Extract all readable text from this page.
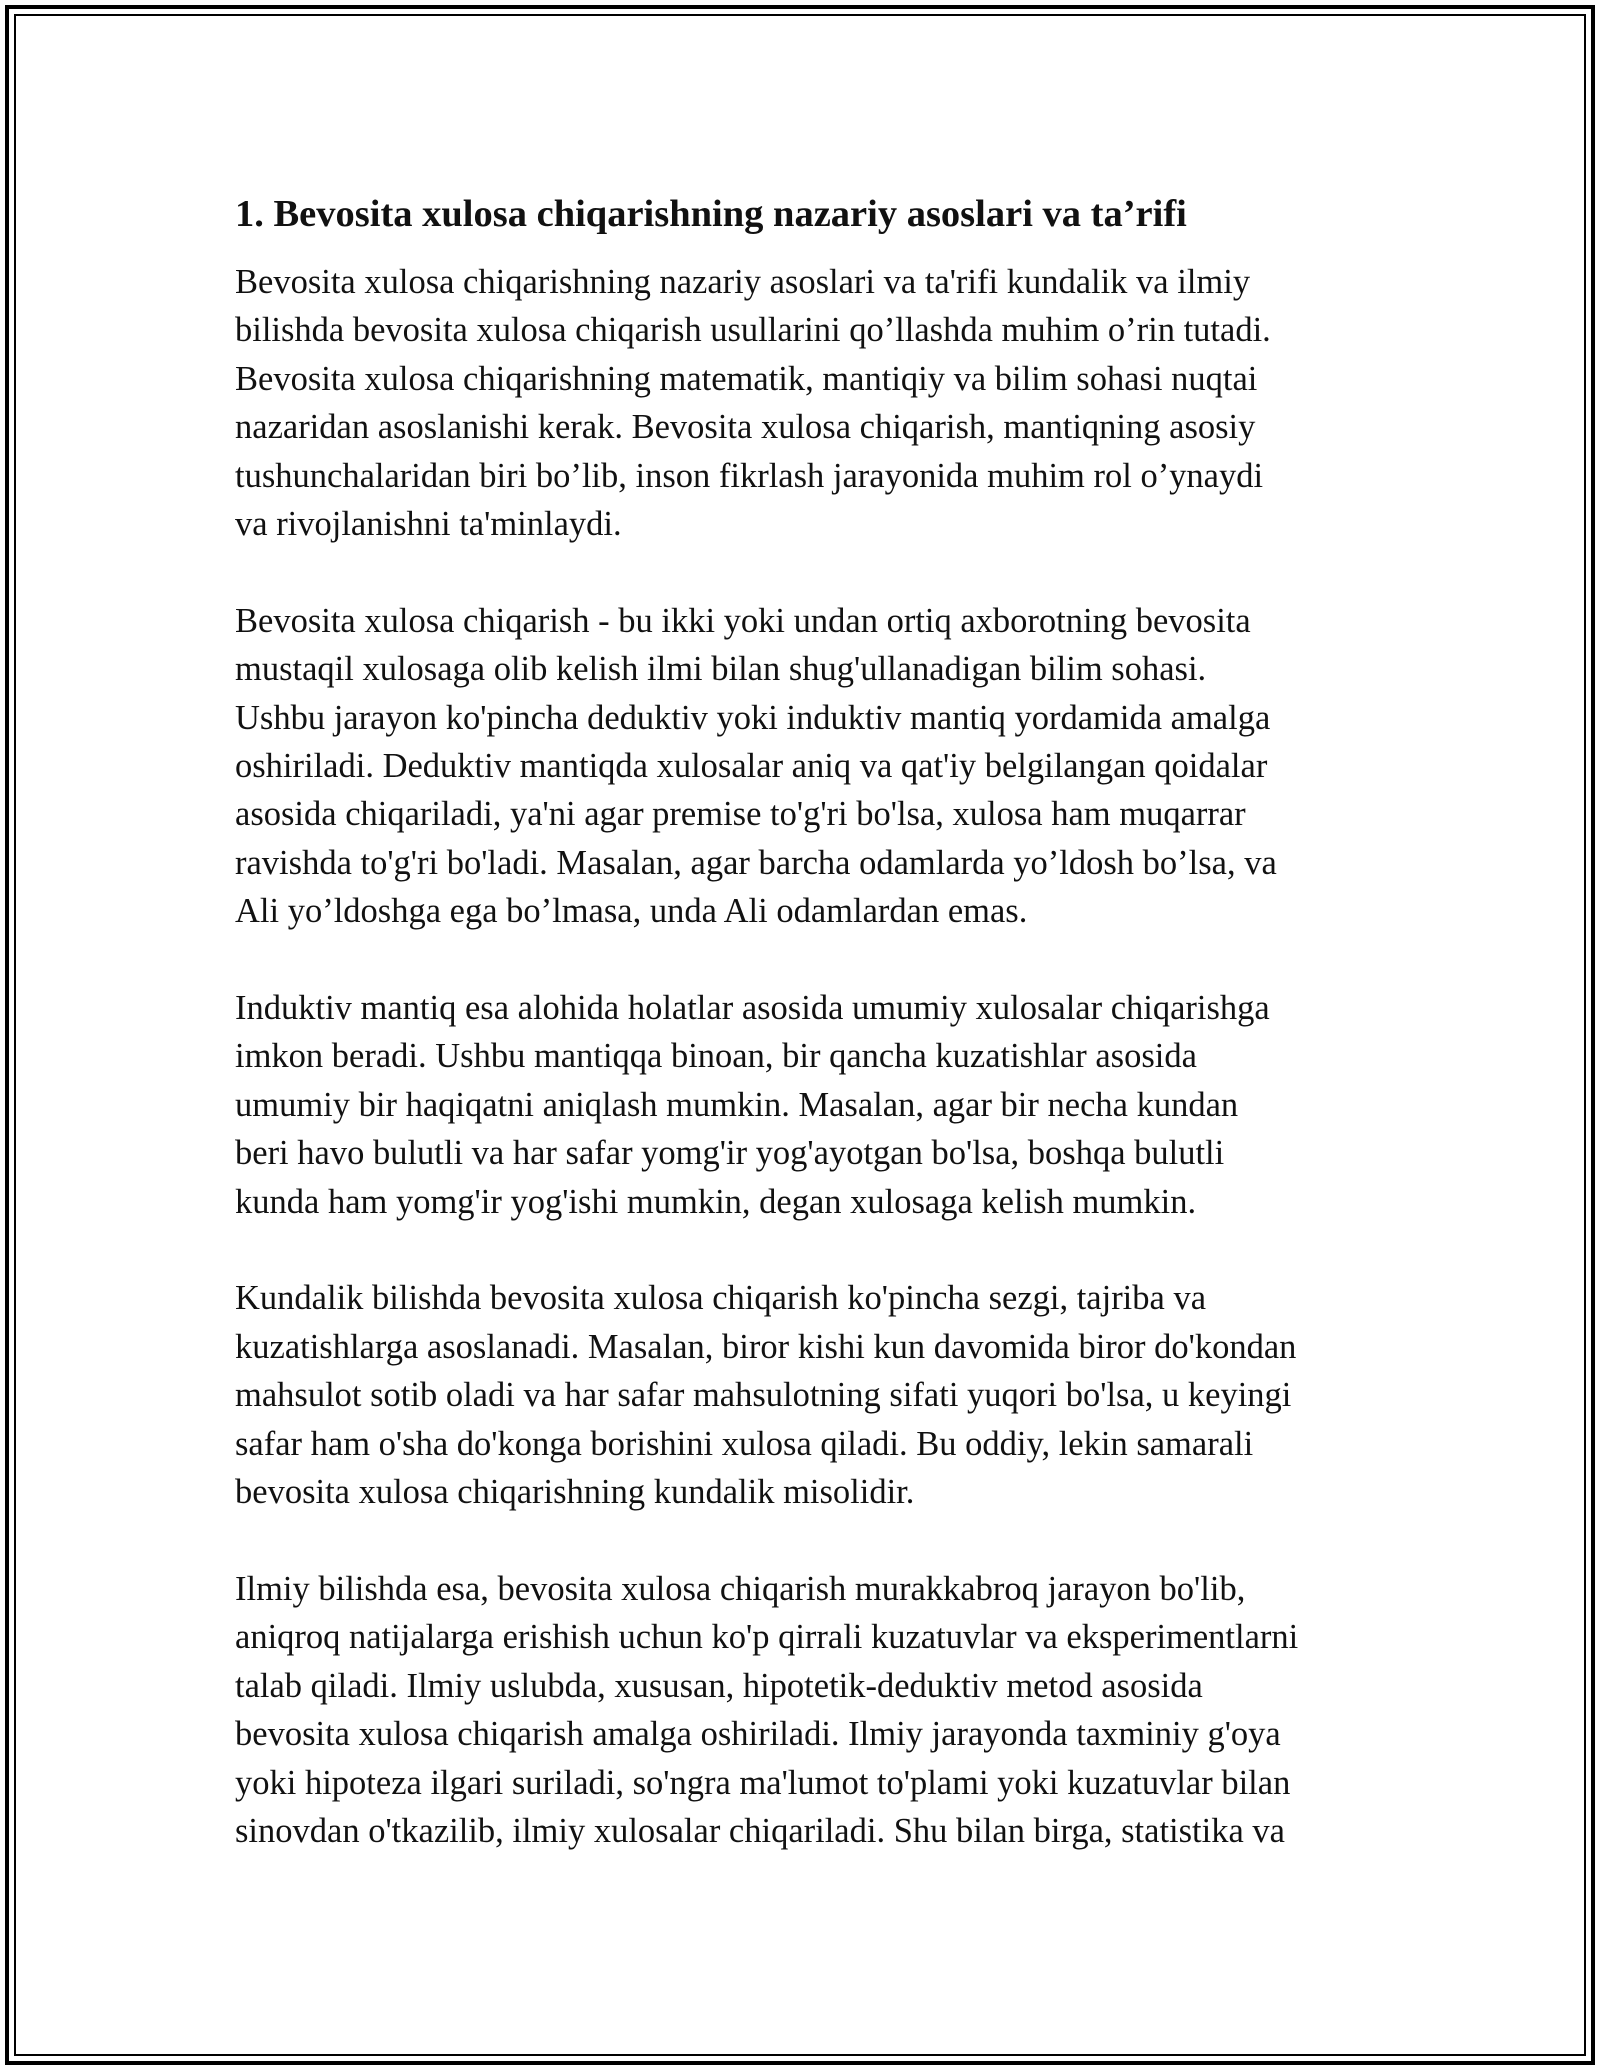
1. Bevosita xulosa chiqarishning nazariy asoslari va ta’rifi

Bevosita xulosa chiqarishning nazariy asoslari va ta'rifi kundalik va ilmiy
bilishda bevosita xulosa chiqarish usullarini qo’llashda muhim o’rin tutadi.
Bevosita xulosa chiqarishning matematik, mantiqiy va bilim sohasi nuqtai
nazaridan asoslanishi kerak. Bevosita xulosa chiqarish, mantiqning asosiy
tushunchalaridan biri bo’lib, inson fikrlash jarayonida muhim rol o’ynaydi
va rivojlanishni ta'minlaydi.

Bevosita xulosa chiqarish - bu ikki yoki undan ortiq axborotning bevosita
mustaqil xulosaga olib kelish ilmi bilan shug'ullanadigan bilim sohasi.
Ushbu jarayon ko'pincha deduktiv yoki induktiv mantiq yordamida amalga
oshiriladi. Deduktiv mantiqda xulosalar aniq va qat'iy belgilangan qoidalar
asosida chiqariladi, ya'ni agar premise to'g'ri bo'lsa, xulosa ham muqarrar
ravishda to'g'ri bo'ladi. Masalan, agar barcha odamlarda yo’ldosh bo’lsa, va
Ali yo’ldoshga ega bo’lmasa, unda Ali odamlardan emas.

Induktiv mantiq esa alohida holatlar asosida umumiy xulosalar chiqarishga
imkon beradi. Ushbu mantiqqa binoan, bir qancha kuzatishlar asosida
umumiy bir haqiqatni aniqlash mumkin. Masalan, agar bir necha kundan
beri havo bulutli va har safar yomg'ir yog'ayotgan bo'lsa, boshqa bulutli
kunda ham yomg'ir yog'ishi mumkin, degan xulosaga kelish mumkin.

Kundalik bilishda bevosita xulosa chiqarish ko'pincha sezgi, tajriba va
kuzatishlarga asoslanadi. Masalan, biror kishi kun davomida biror do'kondan
mahsulot sotib oladi va har safar mahsulotning sifati yuqori bo'lsa, u keyingi
safar ham o'sha do'konga borishini xulosa qiladi. Bu oddiy, lekin samarali
bevosita xulosa chiqarishning kundalik misolidir.

Ilmiy bilishda esa, bevosita xulosa chiqarish murakkabroq jarayon bo'lib,
aniqroq natijalarga erishish uchun ko'p qirrali kuzatuvlar va eksperimentlarni
talab qiladi. Ilmiy uslubda, xususan, hipotetik-deduktiv metod asosida
bevosita xulosa chiqarish amalga oshiriladi. Ilmiy jarayonda taxminiy g'oya
yoki hipoteza ilgari suriladi, so'ngra ma'lumot to'plami yoki kuzatuvlar bilan
sinovdan o'tkazilib, ilmiy xulosalar chiqariladi. Shu bilan birga, statistika va
